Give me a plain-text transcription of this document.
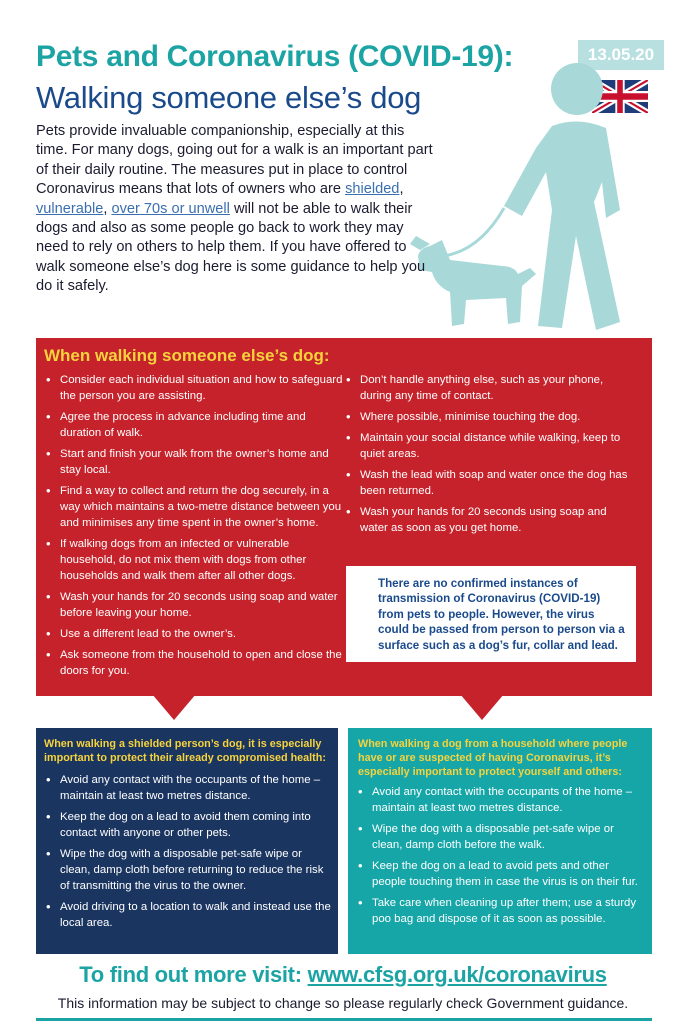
Pets and Coronavirus (COVID-19):
Walking someone else’s dog
13.05.20
Pets provide invaluable companionship, especially at this time. For many dogs, going out for a walk is an important part of their daily routine. The measures put in place to control Coronavirus means that lots of owners who are shielded, vulnerable, over 70s or unwell will not be able to walk their dogs and also as some people go back to work they may need to rely on others to help them. If you have offered to walk someone else’s dog here is some guidance to help you do it safely.
When walking someone else’s dog:
• Consider each individual situation and how to safeguard the person you are assisting.
• Agree the process in advance including time and duration of walk.
• Start and finish your walk from the owner’s home and stay local.
• Find a way to collect and return the dog securely, in a way which maintains a two-metre distance between you and minimises any time spent in the owner’s home.
• If walking dogs from an infected or vulnerable household, do not mix them with dogs from other households and walk them after all other dogs.
• Wash your hands for 20 seconds using soap and water before leaving your home.
• Use a different lead to the owner’s.
• Ask someone from the household to open and close the doors for you.
• Don’t handle anything else, such as your phone, during any time of contact.
• Where possible, minimise touching the dog.
• Maintain your social distance while walking, keep to quiet areas.
• Wash the lead with soap and water once the dog has been returned.
• Wash your hands for 20 seconds using soap and water as soon as you get home.
There are no confirmed instances of transmission of Coronavirus (COVID-19) from pets to people. However, the virus could be passed from person to person via a surface such as a dog’s fur, collar and lead.
When walking a shielded person’s dog, it is especially important to protect their already compromised health:
• Avoid any contact with the occupants of the home – maintain at least two metres distance.
• Keep the dog on a lead to avoid them coming into contact with anyone or other pets.
• Wipe the dog with a disposable pet-safe wipe or clean, damp cloth before returning to reduce the risk of transmitting the virus to the owner.
• Avoid driving to a location to walk and instead use the local area.
When walking a dog from a household where people have or are suspected of having Coronavirus, it’s especially important to protect yourself and others:
• Avoid any contact with the occupants of the home – maintain at least two metres distance.
• Wipe the dog with a disposable pet-safe wipe or clean, damp cloth before the walk.
• Keep the dog on a lead to avoid pets and other people touching them in case the virus is on their fur.
• Take care when cleaning up after them; use a sturdy poo bag and dispose of it as soon as possible.
To find out more visit: www.cfsg.org.uk/coronavirus
This information may be subject to change so please regularly check Government guidance.
